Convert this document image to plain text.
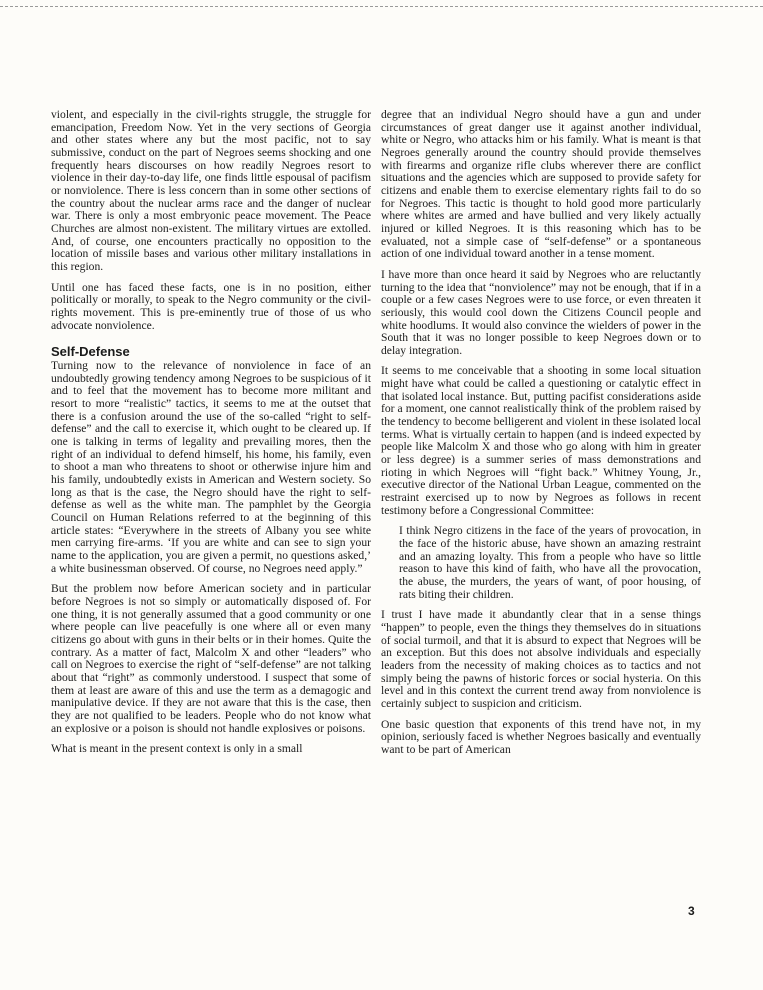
violent, and especially in the civil-rights struggle, the struggle for emancipation, Freedom Now. Yet in the very sections of Georgia and other states where any but the most pacific, not to say submissive, conduct on the part of Negroes seems shocking and one frequently hears discourses on how readily Negroes resort to violence in their day-to-day life, one finds little espousal of pacifism or nonviolence. There is less concern than in some other sections of the country about the nuclear arms race and the danger of nuclear war. There is only a most embryonic peace movement. The Peace Churches are almost non-existent. The military virtues are extolled. And, of course, one encounters practically no opposition to the location of missile bases and various other military installations in this region.

Until one has faced these facts, one is in no position, either politically or morally, to speak to the Negro community or the civil-rights movement. This is pre-eminently true of those of us who advocate nonviolence.

Self-Defense

Turning now to the relevance of nonviolence in face of an undoubtedly growing tendency among Negroes to be suspicious of it and to feel that the movement has to become more militant and resort to more “realistic” tactics, it seems to me at the outset that there is a confusion around the use of the so-called “right to self-defense” and the call to exercise it, which ought to be cleared up. If one is talking in terms of legality and prevailing mores, then the right of an individual to defend himself, his home, his family, even to shoot a man who threatens to shoot or otherwise injure him and his family, undoubtedly exists in American and Western society. So long as that is the case, the Negro should have the right to self-defense as well as the white man. The pamphlet by the Georgia Council on Human Relations referred to at the beginning of this article states: “Everywhere in the streets of Albany you see white men carrying fire-arms. ‘If you are white and can see to sign your name to the application, you are given a permit, no questions asked,’ a white businessman observed. Of course, no Negroes need apply.”

But the problem now before American society and in particular before Negroes is not so simply or automatically disposed of. For one thing, it is not generally assumed that a good community or one where people can live peacefully is one where all or even many citizens go about with guns in their belts or in their homes. Quite the contrary. As a matter of fact, Malcolm X and other “leaders” who call on Negroes to exercise the right of “self-defense” are not talking about that “right” as commonly understood. I suspect that some of them at least are aware of this and use the term as a demagogic and manipulative device. If they are not aware that this is the case, then they are not qualified to be leaders. People who do not know what an explosive or a poison is should not handle explosives or poisons.

What is meant in the present context is only in a small

degree that an individual Negro should have a gun and under circumstances of great danger use it against another individual, white or Negro, who attacks him or his family. What is meant is that Negroes generally around the country should provide themselves with firearms and organize rifle clubs wherever there are conflict situations and the agencies which are supposed to provide safety for citizens and enable them to exercise elementary rights fail to do so for Negroes. This tactic is thought to hold good more particularly where whites are armed and have bullied and very likely actually injured or killed Negroes. It is this reasoning which has to be evaluated, not a simple case of “self-defense” or a spontaneous action of one individual toward another in a tense moment.

I have more than once heard it said by Negroes who are reluctantly turning to the idea that “nonviolence” may not be enough, that if in a couple or a few cases Negroes were to use force, or even threaten it seriously, this would cool down the Citizens Council people and white hoodlums. It would also convince the wielders of power in the South that it was no longer possible to keep Negroes down or to delay integration.

It seems to me conceivable that a shooting in some local situation might have what could be called a questioning or catalytic effect in that isolated local instance. But, putting pacifist considerations aside for a moment, one cannot realistically think of the problem raised by the tendency to become belligerent and violent in these isolated local terms. What is virtually certain to happen (and is indeed expected by people like Malcolm X and those who go along with him in greater or less degree) is a summer series of mass demonstrations and rioting in which Negroes will “fight back.” Whitney Young, Jr., executive director of the National Urban League, commented on the restraint exercised up to now by Negroes as follows in recent testimony before a Congressional Committee:

I think Negro citizens in the face of the years of provocation, in the face of the historic abuse, have shown an amazing restraint and an amazing loyalty. This from a people who have so little reason to have this kind of faith, who have all the provocation, the abuse, the murders, the years of want, of poor housing, of rats biting their children.

I trust I have made it abundantly clear that in a sense things “happen” to people, even the things they themselves do in situations of social turmoil, and that it is absurd to expect that Negroes will be an exception. But this does not absolve individuals and especially leaders from the necessity of making choices as to tactics and not simply being the pawns of historic forces or social hysteria. On this level and in this context the current trend away from nonviolence is certainly subject to suspicion and criticism.

One basic question that exponents of this trend have not, in my opinion, seriously faced is whether Negroes basically and eventually want to be part of American

3
